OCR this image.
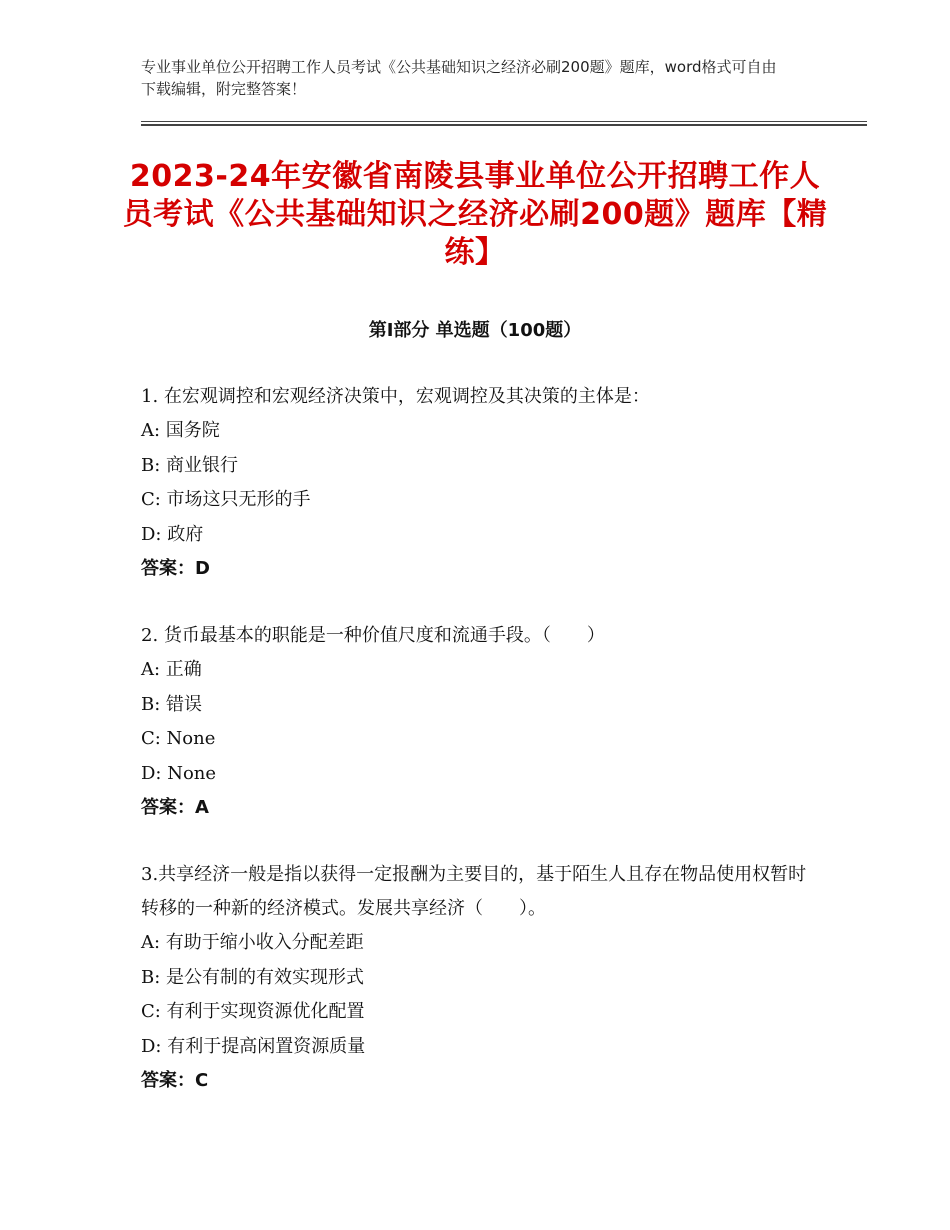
专业事业单位公开招聘工作人员考试《公共基础知识之经济必刷200题》题库，word格式可自由下载编辑，附完整答案！
2023-24年安徽省南陵县事业单位公开招聘工作人员考试《公共基础知识之经济必刷200题》题库【精练】
第Ⅰ部分 单选题（100题）

1. 在宏观调控和宏观经济决策中，宏观调控及其决策的主体是：

A: 国务院

B: 商业银行

C: 市场这只无形的手

D: 政府

答案：D

2. 货币最基本的职能是一种价值尺度和流通手段。（　　）

A: 正确

B: 错误

C: None

D: None

答案：A

3.共享经济一般是指以获得一定报酬为主要目的，基于陌生人且存在物品使用权暂时转移的一种新的经济模式。发展共享经济（　　）。

A: 有助于缩小收入分配差距

B: 是公有制的有效实现形式

C: 有利于实现资源优化配置

D: 有利于提高闲置资源质量

答案：C
